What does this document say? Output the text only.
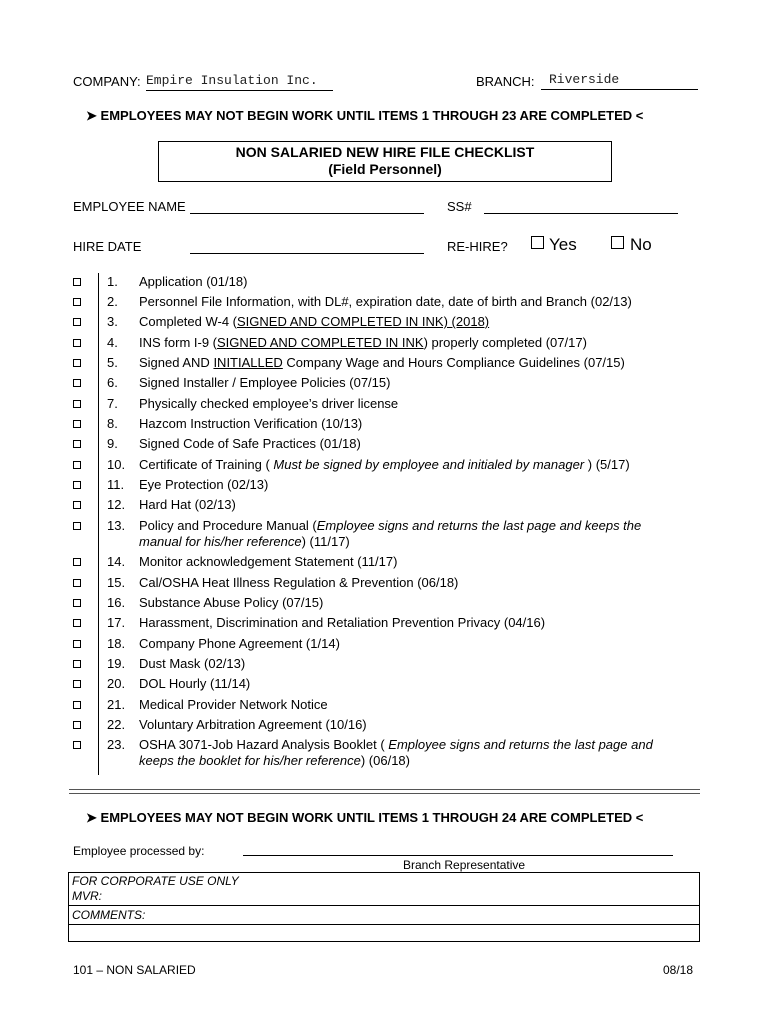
COMPANY: Empire Insulation Inc.	BRANCH: Riverside
➤ EMPLOYEES MAY NOT BEGIN WORK UNTIL ITEMS 1 THROUGH 23 ARE COMPLETED <
NON SALARIED NEW HIRE FILE CHECKLIST
(Field Personnel)
EMPLOYEE NAME	SS#
HIRE DATE	RE-HIRE? Yes	No
1.	Application (01/18)
2.	Personnel File Information, with DL#, expiration date, date of birth and Branch (02/13)
3.	Completed W-4 (SIGNED AND COMPLETED IN INK) (2018)
4.	INS form I-9 (SIGNED AND COMPLETED IN INK) properly completed (07/17)
5.	Signed AND INITIALLED Company Wage and Hours Compliance Guidelines (07/15)
6.	Signed Installer / Employee Policies (07/15)
7.	Physically checked employee’s driver license
8.	Hazcom Instruction Verification (10/13)
9.	Signed Code of Safe Practices (01/18)
10.	Certificate of Training ( Must be signed by employee and initialed by manager ) (5/17)
11.	Eye Protection (02/13)
12.	Hard Hat (02/13)
13.	Policy and Procedure Manual (Employee signs and returns the last page and keeps the
manual for his/her reference) (11/17)
14.	Monitor acknowledgement Statement (11/17)
15.	Cal/OSHA Heat Illness Regulation & Prevention (06/18)
16.	Substance Abuse Policy (07/15)
17.	Harassment, Discrimination and Retaliation Prevention Privacy (04/16)
18.	Company Phone Agreement (1/14)
19.	Dust Mask (02/13)
20.	DOL Hourly (11/14)
21.	Medical Provider Network Notice
22.	Voluntary Arbitration Agreement (10/16)
23.	OSHA 3071-Job Hazard Analysis Booklet ( Employee signs and returns the last page and
keeps the booklet for his/her reference) (06/18)
➤ EMPLOYEES MAY NOT BEGIN WORK UNTIL ITEMS 1 THROUGH 24 ARE COMPLETED <
Employee processed by:
Branch Representative
FOR CORPORATE USE ONLY
MVR:
COMMENTS:
101 – NON SALARIED	08/18
